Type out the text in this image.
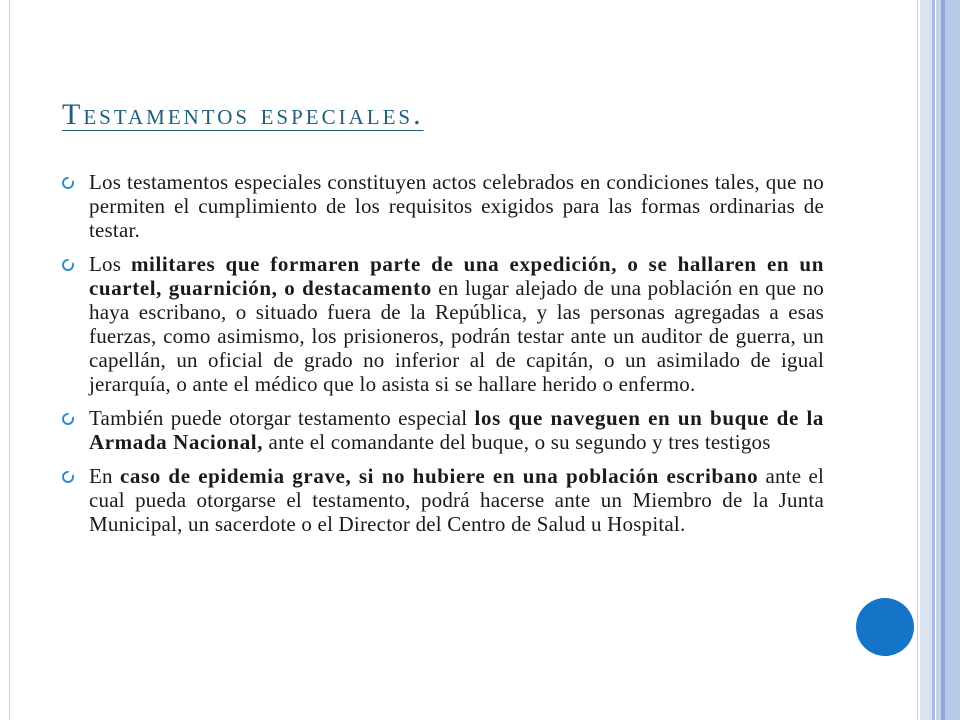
Testamentos especiales.
Los testamentos especiales constituyen actos celebrados en condiciones tales, que no permiten el cumplimiento de los requisitos exigidos para las formas ordinarias de testar.
Los militares que formaren parte de una expedición, o se hallaren en un cuartel, guarnición, o destacamento en lugar alejado de una población en que no haya escribano, o situado fuera de la República, y las personas agregadas a esas fuerzas, como asimismo, los prisioneros, podrán testar ante un auditor de guerra, un capellán, un oficial de grado no inferior al de capitán, o un asimilado de igual jerarquía, o ante el médico que lo asista si se hallare herido o enfermo.
También puede otorgar testamento especial los que naveguen en un buque de la Armada Nacional, ante el comandante del buque, o su segundo y tres testigos
En caso de epidemia grave, si no hubiere en una población escribano ante el cual pueda otorgarse el testamento, podrá hacerse ante un Miembro de la Junta Municipal, un sacerdote o el Director del Centro de Salud u Hospital.
